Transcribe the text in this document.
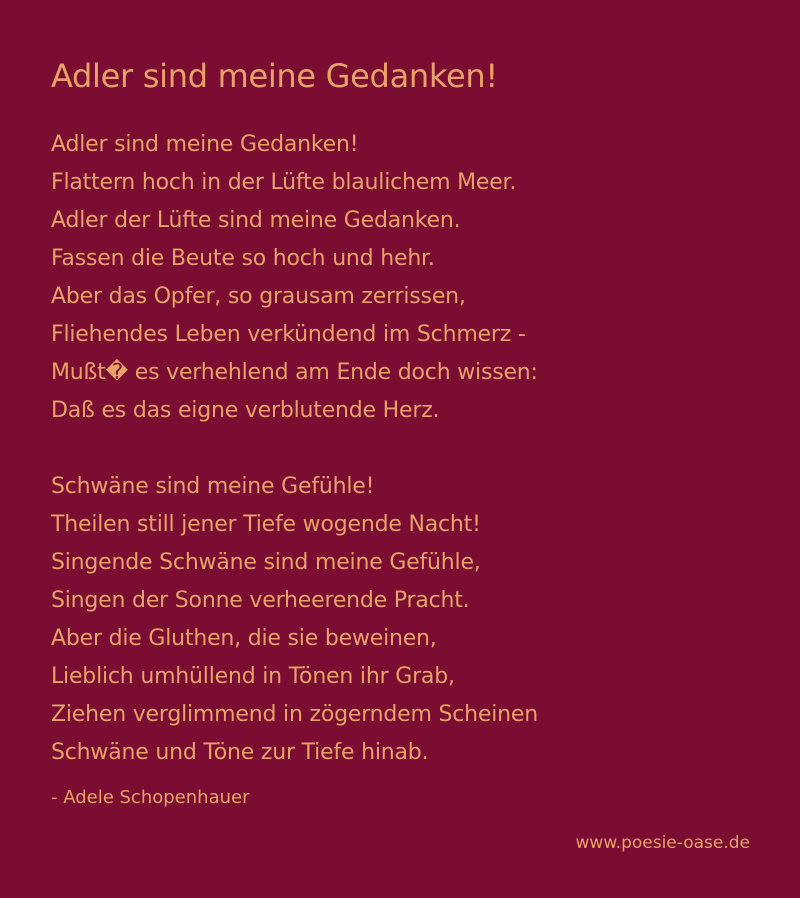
Adler sind meine Gedanken!
Adler sind meine Gedanken!
Flattern hoch in der Lüfte blaulichem Meer.
Adler der Lüfte sind meine Gedanken.
Fassen die Beute so hoch und hehr.
Aber das Opfer, so grausam zerrissen,
Fliehendes Leben verkündend im Schmerz -
Mußt� es verhehlend am Ende doch wissen:
Daß es das eigne verblutende Herz.
Schwäne sind meine Gefühle!
Theilen still jener Tiefe wogende Nacht!
Singende Schwäne sind meine Gefühle,
Singen der Sonne verheerende Pracht.
Aber die Gluthen, die sie beweinen,
Lieblich umhüllend in Tönen ihr Grab,
Ziehen verglimmend in zögerndem Scheinen
Schwäne und Töne zur Tiefe hinab.
- Adele Schopenhauer
www.poesie-oase.de
